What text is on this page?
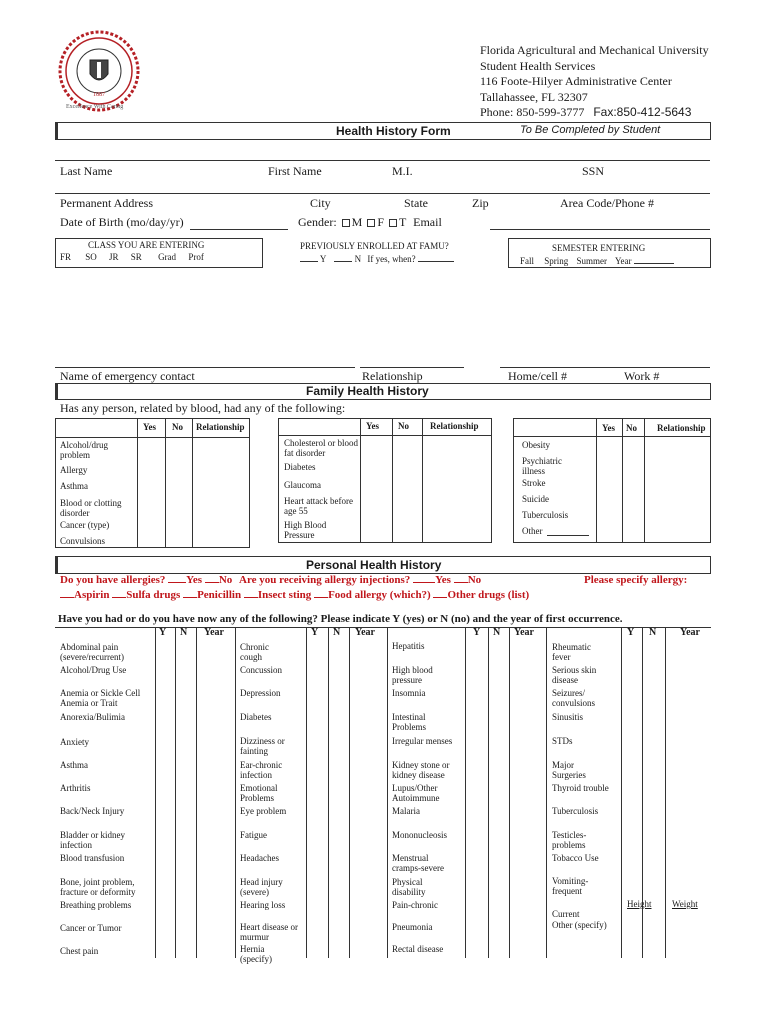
1887
Excellence With Caring
Florida Agricultural and Mechanical University
Student Health Services
116 Foote-Hilyer Administrative Center
Tallahassee, FL 32307
Phone: 850-599-3777 Fax:850-412-5643
Health History Form	To Be Completed by Student
Last Name	First Name	M.I.	SSN
Permanent Address	City	State	Zip	Area Code/Phone #
Date of Birth (mo/day/yr)	Gender: M F T Email
CLASS YOU ARE ENTERING
FR SO JR SR Grad Prof
PREVIOUSLY ENROLLED AT FAMU?
Y	N If yes, when?
SEMESTER ENTERING
Fall Spring Summer Year
Name of emergency contact	Relationship	Home/cell #	Work #
Family Health History
Has any person, related by blood, had any of the following:
Yes No Relationship
Alcohol/drug problem
Allergy
Asthma
Blood or clotting disorder
Cancer (type)
Convulsions
Yes No Relationship
Cholesterol or blood fat disorder
Diabetes
Glaucoma
Heart attack before age 55
High Blood Pressure
Yes No Relationship
Obesity
Psychiatric illness
Stroke
Suicide
Tuberculosis
Other
Personal Health History
Do you have allergies? Yes No Are you receiving allergy injections? Yes No	Please specify allergy:
Aspirin Sulfa drugs Penicillin Insect sting Food allergy (which?) Other drugs (list)
Have you had or do you have now any of the following? Please indicate Y (yes) or N (no) and the year of first occurrence.
Y N Year	Y N Year	Y N Year	Y N Year
Abdominal pain (severe/recurrent)
Alcohol/Drug Use
Anemia or Sickle Cell Anemia or Trait
Anorexia/Bulimia
Anxiety
Asthma
Arthritis
Back/Neck Injury
Bladder or kidney infection
Blood transfusion
Bone, joint problem, fracture or deformity
Breathing problems
Cancer or Tumor
Chest pain
Chronic cough
Concussion
Depression
Diabetes
Dizziness or fainting
Ear-chronic infection
Emotional Problems
Eye problem
Fatigue
Headaches
Head injury (severe)
Hearing loss
Heart disease or murmur
Hernia (specify)
Hepatitis
High blood pressure
Insomnia
Intestinal Problems
Irregular menses
Kidney stone or kidney disease
Lupus/Other Autoimmune
Malaria
Mononucleosis
Menstrual cramps-severe
Physical disability
Pain-chronic
Pneumonia
Rectal disease
Rheumatic fever
Serious skin disease
Seizures/ convulsions
Sinusitis
STDs
Major Surgeries
Thyroid trouble
Tuberculosis
Testicles-problems
Tobacco Use
Vomiting-frequent
Current
Other (specify)
Height Weight
